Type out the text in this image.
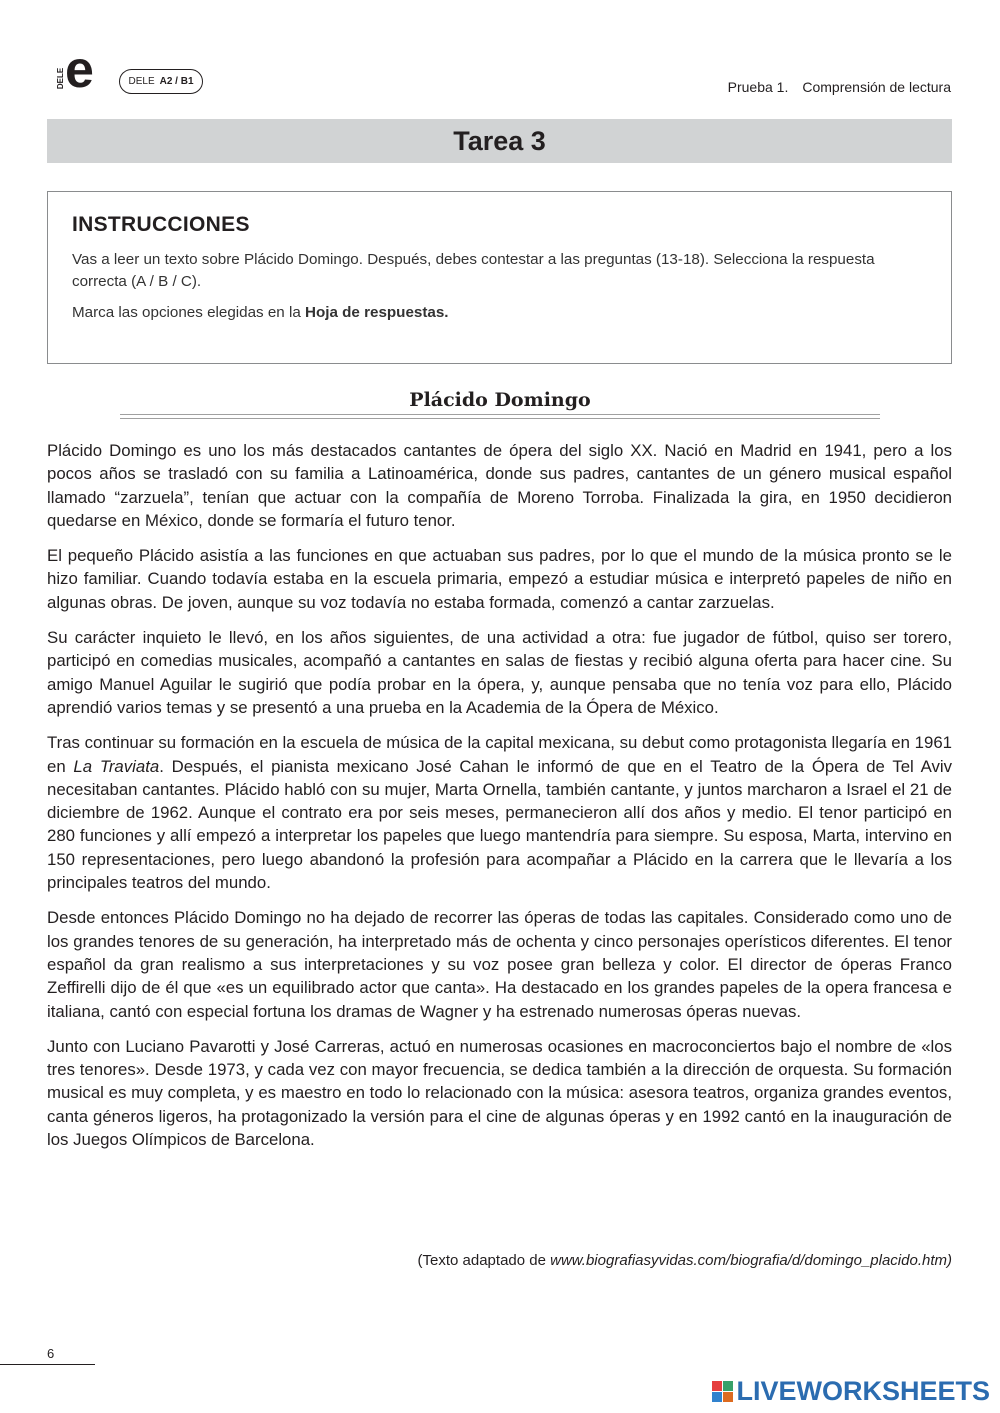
DELE e	DELE A2 / B1	Prueba 1. Comprensión de lectura
Tarea 3
INSTRUCCIONES

Vas a leer un texto sobre Plácido Domingo. Después, debes contestar a las preguntas (13-18). Selecciona la respuesta correcta (A / B / C).

Marca las opciones elegidas en la Hoja de respuestas.

Plácido Domingo

Plácido Domingo es uno los más destacados cantantes de ópera del siglo XX. Nació en Madrid en 1941, pero a los pocos años se trasladó con su familia a Latinoamérica, donde sus padres, cantantes de un género musical español llamado “zarzuela”, tenían que actuar con la compañía de Moreno Torroba. Finalizada la gira, en 1950 decidieron quedarse en México, donde se formaría el futuro tenor.

El pequeño Plácido asistía a las funciones en que actuaban sus padres, por lo que el mundo de la música pronto se le hizo familiar. Cuando todavía estaba en la escuela primaria, empezó a estudiar música e interpretó papeles de niño en algunas obras. De joven, aunque su voz todavía no estaba formada, comenzó a cantar zarzuelas.

Su carácter inquieto le llevó, en los años siguientes, de una actividad a otra: fue jugador de fútbol, quiso ser torero, participó en comedias musicales, acompañó a cantantes en salas de fiestas y recibió alguna oferta para hacer cine. Su amigo Manuel Aguilar le sugirió que podía probar en la ópera, y, aunque pensaba que no tenía voz para ello, Plácido aprendió varios temas y se presentó a una prueba en la Academia de la Ópera de México.

Tras continuar su formación en la escuela de música de la capital mexicana, su debut como protagonista llegaría en 1961 en La Traviata. Después, el pianista mexicano José Cahan le informó de que en el Teatro de la Ópera de Tel Aviv necesitaban cantantes. Plácido habló con su mujer, Marta Ornella, también cantante, y juntos marcharon a Israel el 21 de diciembre de 1962. Aunque el contrato era por seis meses, permanecieron allí dos años y medio. El tenor participó en 280 funciones y allí empezó a interpretar los papeles que luego mantendría para siempre. Su esposa, Marta, intervino en 150 representaciones, pero luego abandonó la profesión para acompañar a Plácido en la carrera que le llevaría a los principales teatros del mundo.

Desde entonces Plácido Domingo no ha dejado de recorrer las óperas de todas las capitales. Considerado como uno de los grandes tenores de su generación, ha interpretado más de ochenta y cinco personajes operísticos diferentes. El tenor español da gran realismo a sus interpretaciones y su voz posee gran belleza y color. El director de óperas Franco Zeffirelli dijo de él que «es un equilibrado actor que canta». Ha destacado en los grandes papeles de la opera francesa e italiana, cantó con especial fortuna los dramas de Wagner y ha estrenado numerosas óperas nuevas.

Junto con Luciano Pavarotti y José Carreras, actuó en numerosas ocasiones en macroconciertos bajo el nombre de «los tres tenores». Desde 1973, y cada vez con mayor frecuencia, se dedica también a la dirección de orquesta. Su formación musical es muy completa, y es maestro en todo lo relacionado con la música: asesora teatros, organiza grandes eventos, canta géneros ligeros, ha protagonizado la versión para el cine de algunas óperas y en 1992 cantó en la inauguración de los Juegos Olímpicos de Barcelona.

(Texto adaptado de www.biografiasyvidas.com/biografia/d/domingo_placido.htm)
6
LIVEWORKSHEETS
